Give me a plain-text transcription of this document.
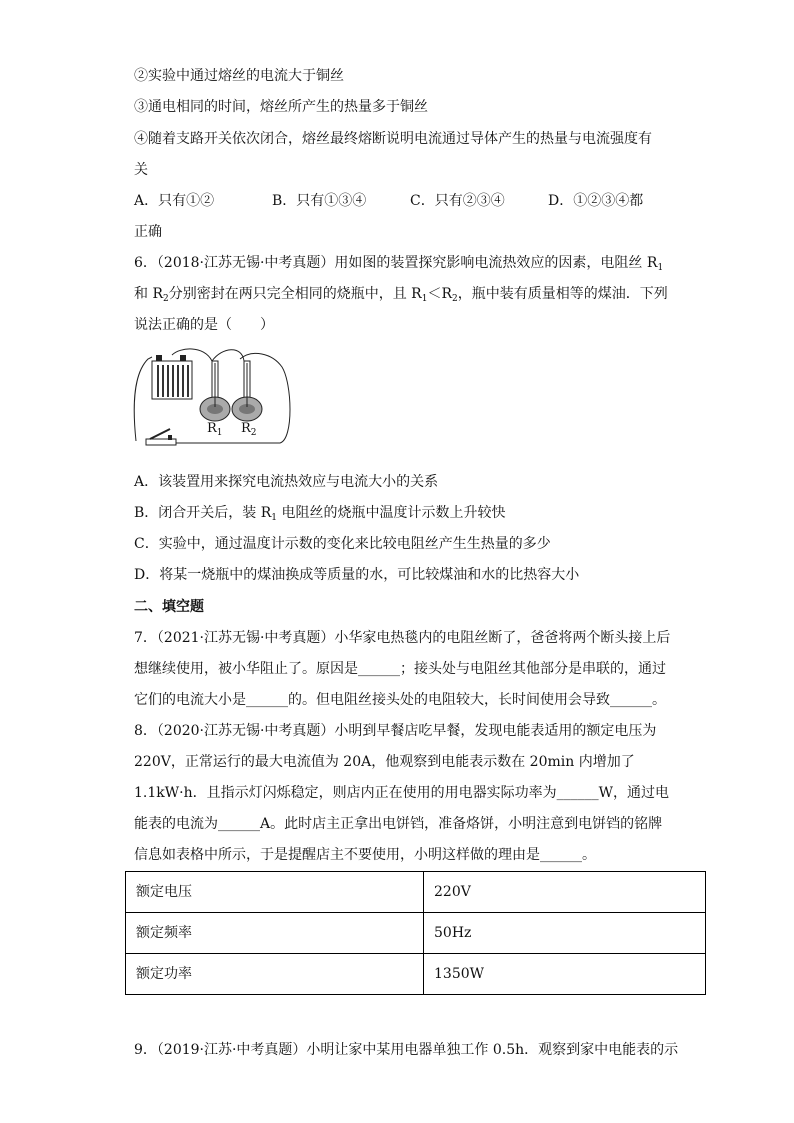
②实验中通过熔丝的电流大于铜丝
③通电相同的时间，熔丝所产生的热量多于铜丝
④随着支路开关依次闭合，熔丝最终熔断说明电流通过导体产生的热量与电流强度有
关
A．只有①②	B．只有①③④	C．只有②③④	D．①②③④都
正确
6．（2018·江苏无锡·中考真题）用如图的装置探究影响电流热效应的因素，电阻丝 $R_1$
和 $R_2$分别密封在两只完全相同的烧瓶中，且 $R_1<R_2$，瓶中装有质量相等的煤油．下列
说法正确的是（　　）
$R_1$ $R_2$
A．该装置用来探究电流热效应与电流大小的关系
B．闭合开关后，装 $R_1$ 电阻丝的烧瓶中温度计示数上升较快
C．实验中，通过温度计示数的变化来比较电阻丝产生生热量的多少
D．将某一烧瓶中的煤油换成等质量的水，可比较煤油和水的比热容大小
二、填空题
7．（2021·江苏无锡·中考真题）小华家电热毯内的电阻丝断了，爸爸将两个断头接上后
想继续使用，被小华阻止了。原因是______；接头处与电阻丝其他部分是串联的，通过
它们的电流大小是______的。但电阻丝接头处的电阻较大，长时间使用会导致______。
8．（2020·江苏无锡·中考真题）小明到早餐店吃早餐，发现电能表适用的额定电压为
220V，正常运行的最大电流值为 20A，他观察到电能表示数在 20min 内增加了
1.1kW·h．且指示灯闪烁稳定，则店内正在使用的用电器实际功率为______W，通过电
能表的电流为______A。此时店主正拿出电饼铛，准备烙饼，小明注意到电饼铛的铭牌
信息如表格中所示，于是提醒店主不要使用，小明这样做的理由是______。
额定电压	220V
额定频率	50Hz
额定功率	1350W
9．（2019·江苏·中考真题）小明让家中某用电器单独工作 0.5h．观察到家中电能表的示
